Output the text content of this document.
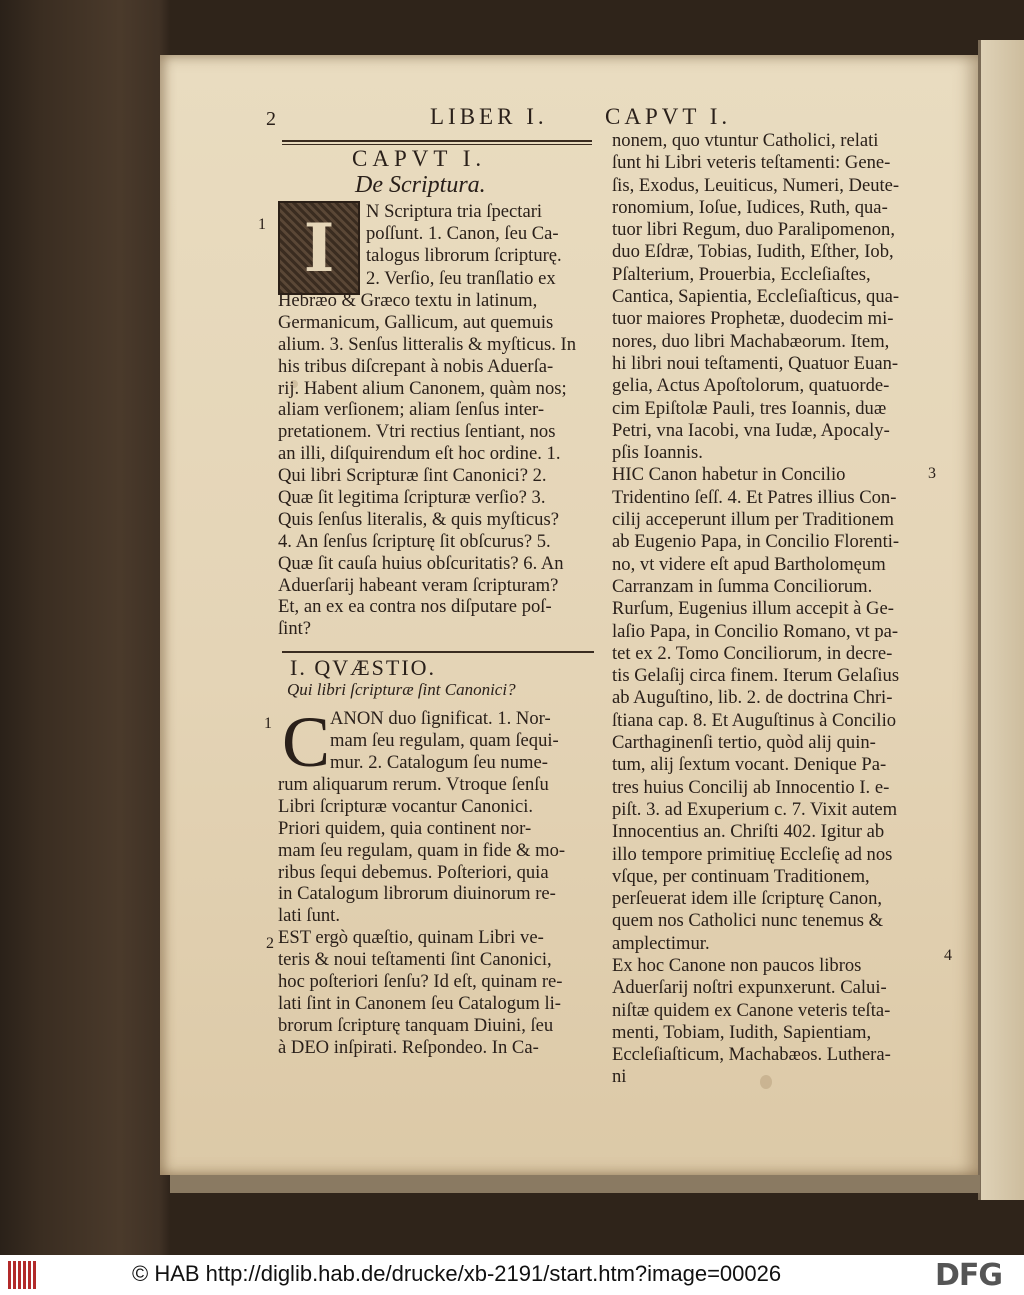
2	LIBER I. CAPVT I.
CAPVT I.
De Scriptura.
I
1
N Scriptura tria ſpectari
poſſunt. 1. Canon, ſeu Ca-
talogus librorum ſcripturę.
2. Verſio, ſeu tranſlatio ex
Hebræo & Græco textu in latinum,
Germanicum, Gallicum, aut quemuis
alium. 3. Senſus litteralis & myſticus. In
his tribus diſcrepant à nobis Aduerſa-
rij. Habent alium Canonem, quàm nos;
aliam verſionem; aliam ſenſus inter-
pretationem. Vtri rectius ſentiant, nos
an illi, diſquirendum eſt hoc ordine. 1.
Qui libri Scripturæ ſint Canonici? 2.
Quæ ſit legitima ſcripturæ verſio? 3.
Quis ſenſus literalis, & quis myſticus?
4. An ſenſus ſcripturę ſit obſcurus? 5.
Quæ ſit cauſa huius obſcuritatis? 6. An
Aduerſarij habeant veram ſcripturam?
Et, an ex ea contra nos diſputare poſ-
ſint?
I. QVÆSTIO.
Qui libri ſcripturæ ſint Canonici?
C
1
2
ANON duo ſignificat. 1. Nor-
mam ſeu regulam, quam ſequi-
mur. 2. Catalogum ſeu nume-
rum aliquarum rerum. Vtroque ſenſu
Libri ſcripturæ vocantur Canonici.
Priori quidem, quia continent nor-
mam ſeu regulam, quam in fide & mo-
ribus ſequi debemus. Poſteriori, quia
in Catalogum librorum diuinorum re-
lati ſunt.
EST ergò quæſtio, quinam Libri ve-
teris & noui teſtamenti ſint Canonici,
hoc poſteriori ſenſu? Id eſt, quinam re-
lati ſint in Canonem ſeu Catalogum li-
brorum ſcripturę tanquam Diuini, ſeu
à DEO inſpirati. Reſpondeo. In Ca-
nonem, quo vtuntur Catholici, relati
ſunt hi Libri veteris teſtamenti: Gene-
ſis, Exodus, Leuiticus, Numeri, Deute-
ronomium, Ioſue, Iudices, Ruth, qua-
tuor libri Regum, duo Paralipomenon,
duo Eſdræ, Tobias, Iudith, Eſther, Iob,
Pſalterium, Prouerbia, Eccleſiaſtes,
Cantica, Sapientia, Eccleſiaſticus, qua-
tuor maiores Prophetæ, duodecim mi-
nores, duo libri Machabæorum. Item,
hi libri noui teſtamenti, Quatuor Euan-
gelia, Actus Apoſtolorum, quatuorde-
cim Epiſtolæ Pauli, tres Ioannis, duæ
Petri, vna Iacobi, vna Iudæ, Apocaly-
pſis Ioannis.
HIC Canon habetur in Concilio
Tridentino ſeſſ. 4. Et Patres illius Con-
cilij acceperunt illum per Traditionem
ab Eugenio Papa, in Concilio Florenti-
no, vt videre eſt apud Bartholomęum
Carranzam in ſumma Conciliorum.
Rurſum, Eugenius illum accepit à Ge-
laſio Papa, in Concilio Romano, vt pa-
tet ex 2. Tomo Conciliorum, in decre-
tis Gelaſij circa finem. Iterum Gelaſius
ab Auguſtino, lib. 2. de doctrina Chri-
ſtiana cap. 8. Et Auguſtinus à Concilio
Carthaginenſi tertio, quòd alij quin-
tum, alij ſextum vocant. Denique Pa-
tres huius Concilij ab Innocentio I. e-
piſt. 3. ad Exuperium c. 7. Vixit autem
Innocentius an. Chriſti 402. Igitur ab
illo tempore primitiuę Eccleſię ad nos
vſque, per continuam Traditionem,
perſeuerat idem ille ſcripturę Canon,
quem nos Catholici nunc tenemus &
amplectimur.
Ex hoc Canone non paucos libros
Aduerſarij noſtri expunxerunt. Calui-
niſtæ quidem ex Canone veteris teſta-
menti, Tobiam, Iudith, Sapientiam,
Eccleſiaſticum, Machabæos. Luthera-
ni
3
4
© HAB http://diglib.hab.de/drucke/xb-2191/start.htm?image=00026	DFG
